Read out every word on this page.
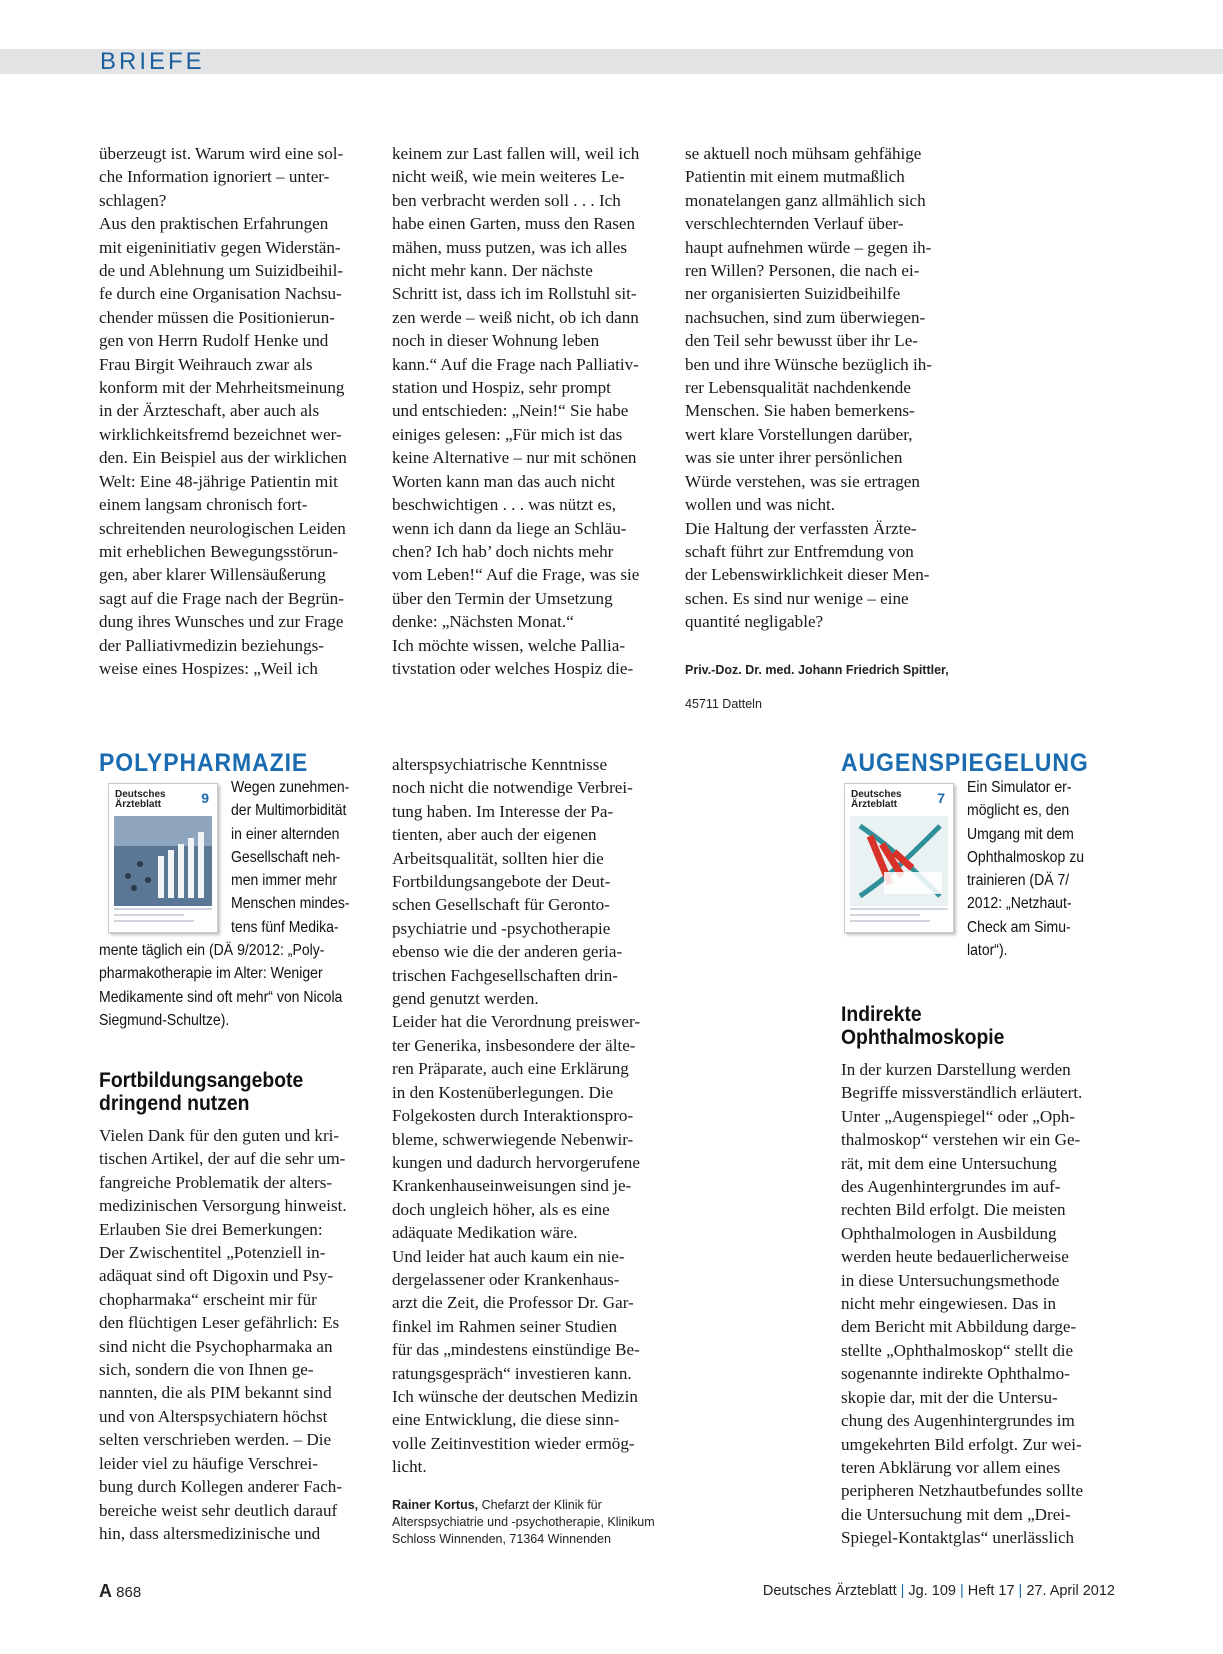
BRIEFE
überzeugt ist. Warum wird eine sol-
che Information ignoriert – unter-
schlagen?
Aus den praktischen Erfahrungen
mit eigeninitiativ gegen Widerstän-
de und Ablehnung um Suizidbeihil-
fe durch eine Organisation Nachsu-
chender müssen die Positionierun-
gen von Herrn Rudolf Henke und
Frau Birgit Weihrauch zwar als
konform mit der Mehrheitsmeinung
in der Ärzteschaft, aber auch als
wirklichkeitsfremd bezeichnet wer-
den. Ein Beispiel aus der wirklichen
Welt: Eine 48-jährige Patientin mit
einem langsam chronisch fort-
schreitenden neurologischen Leiden
mit erheblichen Bewegungsstörun-
gen, aber klarer Willensäußerung
sagt auf die Frage nach der Begrün-
dung ihres Wunsches und zur Frage
der Palliativmedizin beziehungs-
weise eines Hospizes: „Weil ich
keinem zur Last fallen will, weil ich
nicht weiß, wie mein weiteres Le-
ben verbracht werden soll . . . Ich
habe einen Garten, muss den Rasen
mähen, muss putzen, was ich alles
nicht mehr kann. Der nächste
Schritt ist, dass ich im Rollstuhl sit-
zen werde – weiß nicht, ob ich dann
noch in dieser Wohnung leben
kann.“ Auf die Frage nach Palliativ-
station und Hospiz, sehr prompt
und entschieden: „Nein!“ Sie habe
einiges gelesen: „Für mich ist das
keine Alternative – nur mit schönen
Worten kann man das auch nicht
beschwichtigen . . . was nützt es,
wenn ich dann da liege an Schläu-
chen? Ich hab’ doch nichts mehr
vom Leben!“ Auf die Frage, was sie
über den Termin der Umsetzung
denke: „Nächsten Monat.“
Ich möchte wissen, welche Pallia-
tivstation oder welches Hospiz die-
se aktuell noch mühsam gehfähige
Patientin mit einem mutmaßlich
monatelangen ganz allmählich sich
verschlechternden Verlauf über-
haupt aufnehmen würde – gegen ih-
ren Willen? Personen, die nach ei-
ner organisierten Suizidbeihilfe
nachsuchen, sind zum überwiegen-
den Teil sehr bewusst über ihr Le-
ben und ihre Wünsche bezüglich ih-
rer Lebensqualität nachdenkende
Menschen. Sie haben bemerkens-
wert klare Vorstellungen darüber,
was sie unter ihrer persönlichen
Würde verstehen, was sie ertragen
wollen und was nicht.
Die Haltung der verfassten Ärzte-
schaft führt zur Entfremdung von
der Lebenswirklichkeit dieser Men-
schen. Es sind nur wenige – eine
quantité negligable?

Priv.-Doz. Dr. med. Johann Friedrich Spittler,

45711 Datteln

POLYPHARMAZIE
Deutsches
Ärzteblatt	9
Wegen zunehmen-
der Multimorbidität
in einer alternden
Gesellschaft neh-
men immer mehr
Menschen mindes-
tens fünf Medika-
mente täglich ein (DÄ 9/2012: „Poly-
pharmakotherapie im Alter: Weniger
Medikamente sind oft mehr“ von Nicola
Siegmund-Schultze).
Fortbildungsangebote
dringend nutzen
Vielen Dank für den guten und kri-
tischen Artikel, der auf die sehr um-
fangreiche Problematik der alters-
medizinischen Versorgung hinweist.
Erlauben Sie drei Bemerkungen:
Der Zwischentitel „Potenziell in-
adäquat sind oft Digoxin und Psy-
chopharmaka“ erscheint mir für
den flüchtigen Leser gefährlich: Es
sind nicht die Psychopharmaka an
sich, sondern die von Ihnen ge-
nannten, die als PIM bekannt sind
und von Alterspsychiatern höchst
selten verschrieben werden. – Die
leider viel zu häufige Verschrei-
bung durch Kollegen anderer Fach-
bereiche weist sehr deutlich darauf
hin, dass altersmedizinische und
alterspsychiatrische Kenntnisse
noch nicht die notwendige Verbrei-
tung haben. Im Interesse der Pa-
tienten, aber auch der eigenen
Arbeitsqualität, sollten hier die
Fortbildungsangebote der Deut-
schen Gesellschaft für Geronto-
psychiatrie und -psychotherapie
ebenso wie die der anderen geria-
trischen Fachgesellschaften drin-
gend genutzt werden.
Leider hat die Verordnung preiswer-
ter Generika, insbesondere der älte-
ren Präparate, auch eine Erklärung
in den Kostenüberlegungen. Die
Folgekosten durch Interaktionspro-
bleme, schwerwiegende Nebenwir-
kungen und dadurch hervorgerufene
Krankenhauseinweisungen sind je-
doch ungleich höher, als es eine
adäquate Medikation wäre.
Und leider hat auch kaum ein nie-
dergelassener oder Krankenhaus-
arzt die Zeit, die Professor Dr. Gar-
finkel im Rahmen seiner Studien
für das „mindestens einstündige Be-
ratungsgespräch“ investieren kann.
Ich wünsche der deutschen Medizin
eine Entwicklung, die diese sinn-
volle Zeitinvestition wieder ermög-
licht.
Rainer Kortus, Chefarzt der Klinik für
Alterspsychiatrie und -psychotherapie, Klinikum
Schloss Winnenden, 71364 Winnenden
AUGENSPIEGELUNG
Deutsches
Ärzteblatt	7
Ein Simulator er-
möglicht es, den
Umgang mit dem
Ophthalmoskop zu
trainieren (DÄ 7/
2012: „Netzhaut-
Check am Simu-
lator“).
Indirekte
Ophthalmoskopie
In der kurzen Darstellung werden
Begriffe missverständlich erläutert.
Unter „Augenspiegel“ oder „Oph-
thalmoskop“ verstehen wir ein Ge-
rät, mit dem eine Untersuchung
des Augenhintergrundes im auf-
rechten Bild erfolgt. Die meisten
Ophthalmologen in Ausbildung
werden heute bedauerlicherweise
in diese Untersuchungsmethode
nicht mehr eingewiesen. Das in
dem Bericht mit Abbildung darge-
stellte „Ophthalmoskop“ stellt die
sogenannte indirekte Ophthalmo-
skopie dar, mit der die Untersu-
chung des Augenhintergrundes im
umgekehrten Bild erfolgt. Zur wei-
teren Abklärung vor allem eines
peripheren Netzhautbefundes sollte
die Untersuchung mit dem „Drei-
Spiegel-Kontaktglas“ unerlässlich
A 868	Deutsches Ärzteblatt | Jg. 109 | Heft 17 | 27. April 2012
